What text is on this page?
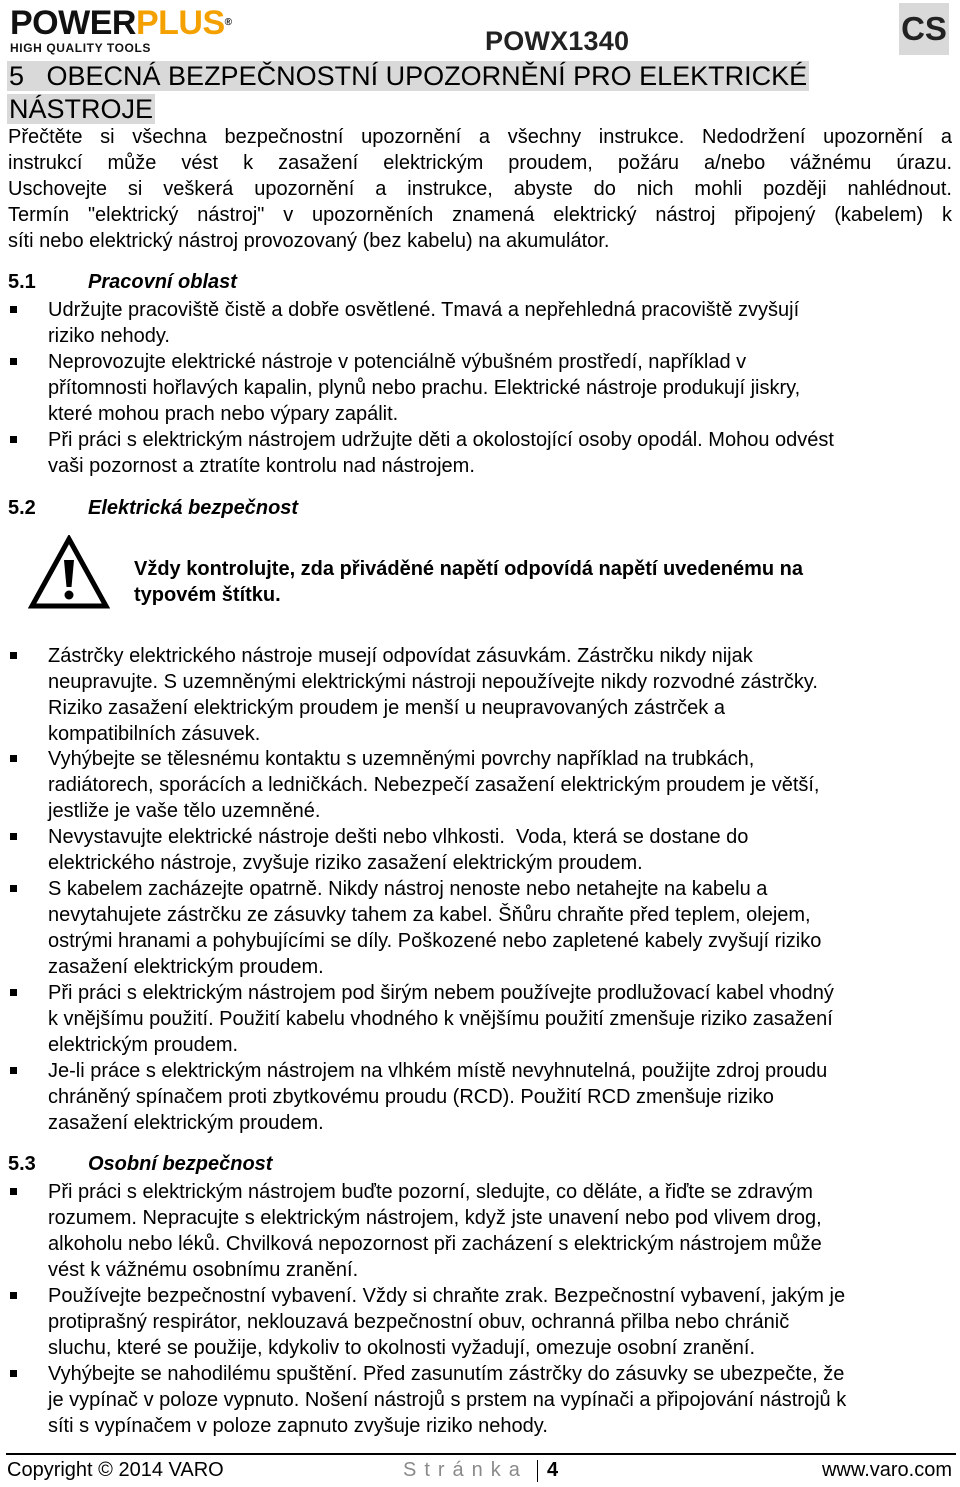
POWERPLUS®
HIGH QUALITY TOOLS	POWX1340	CS
5   OBECNÁ BEZPEČNOSTNÍ UPOZORNĚNÍ PRO ELEKTRICKÉ
NÁSTROJE
Přečtěte si všechna bezpečnostní upozornění a všechny instrukce. Nedodržení upozornění a
instrukcí může vést k zasažení elektrickým proudem, požáru a/nebo vážnému úrazu.
Uschovejte si veškerá upozornění a instrukce, abyste do nich mohli později nahlédnout.
Termín "elektrický nástroj" v upozorněních znamená elektrický nástroj připojený (kabelem) k
síti nebo elektrický nástroj provozovaný (bez kabelu) na akumulátor.
5.1	Pracovní oblast
Udržujte pracoviště čistě a dobře osvětlené. Tmavá a nepřehledná pracoviště zvyšují
riziko nehody.
Neprovozujte elektrické nástroje v potenciálně výbušném prostředí, například v
přítomnosti hořlavých kapalin, plynů nebo prachu. Elektrické nástroje produkují jiskry,
které mohou prach nebo výpary zapálit.
Při práci s elektrickým nástrojem udržujte děti a okolostojící osoby opodál. Mohou odvést
vaši pozornost a ztratíte kontrolu nad nástrojem.
5.2	Elektrická bezpečnost
Vždy kontrolujte, zda přiváděné napětí odpovídá napětí uvedenému na
typovém štítku.
Zástrčky elektrického nástroje musejí odpovídat zásuvkám. Zástrčku nikdy nijak
neupravujte. S uzemněnými elektrickými nástroji nepoužívejte nikdy rozvodné zástrčky.
Riziko zasažení elektrickým proudem je menší u neupravovaných zástrček a
kompatibilních zásuvek.
Vyhýbejte se tělesnému kontaktu s uzemněnými povrchy například na trubkách,
radiátorech, sporácích a ledničkách. Nebezpečí zasažení elektrickým proudem je větší,
jestliže je vaše tělo uzemněné.
Nevystavujte elektrické nástroje dešti nebo vlhkosti.  Voda, která se dostane do
elektrického nástroje, zvyšuje riziko zasažení elektrickým proudem.
S kabelem zacházejte opatrně. Nikdy nástroj nenoste nebo netahejte na kabelu a
nevytahujete zástrčku ze zásuvky tahem za kabel. Šňůru chraňte před teplem, olejem,
ostrými hranami a pohybujícími se díly. Poškozené nebo zapletené kabely zvyšují riziko
zasažení elektrickým proudem.
Při práci s elektrickým nástrojem pod širým nebem používejte prodlužovací kabel vhodný
k vnějšímu použití. Použití kabelu vhodného k vnějšímu použití zmenšuje riziko zasažení
elektrickým proudem.
Je-li práce s elektrickým nástrojem na vlhkém místě nevyhnutelná, použijte zdroj proudu
chráněný spínačem proti zbytkovému proudu (RCD). Použití RCD zmenšuje riziko
zasažení elektrickým proudem.
5.3	Osobní bezpečnost
Při práci s elektrickým nástrojem buďte pozorní, sledujte, co děláte, a řiďte se zdravým
rozumem. Nepracujte s elektrickým nástrojem, když jste unavení nebo pod vlivem drog,
alkoholu nebo léků. Chvilková nepozornost při zacházení s elektrickým nástrojem může
vést k vážnému osobnímu zranění.
Používejte bezpečnostní vybavení. Vždy si chraňte zrak. Bezpečnostní vybavení, jakým je
protiprašný respirátor, neklouzavá bezpečnostní obuv, ochranná přilba nebo chránič
sluchu, které se použije, kdykoliv to okolnosti vyžadují, omezuje osobní zranění.
Vyhýbejte se nahodilému spuštění. Před zasunutím zástrčky do zásuvky se ubezpečte, že
je vypínač v poloze vypnuto. Nošení nástrojů s prstem na vypínači a připojování nástrojů k
síti s vypínačem v poloze zapnuto zvyšuje riziko nehody.
Copyright © 2014 VARO	Stránka 4	www.varo.com
